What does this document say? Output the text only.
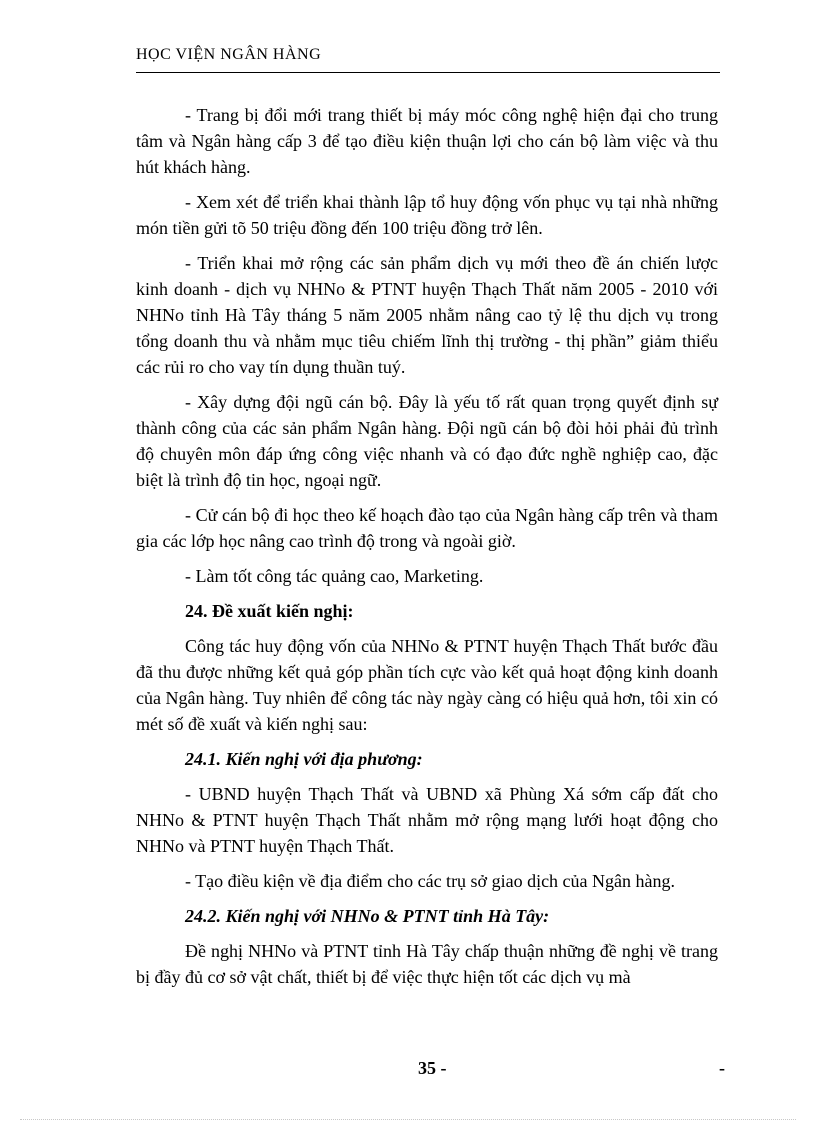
HỌC VIỆN NGÂN HÀNG

- Trang bị đổi mới trang thiết bị máy móc công nghệ hiện đại cho trung tâm và Ngân hàng cấp 3 để tạo điều kiện thuận lợi cho cán bộ làm việc và thu hút khách hàng.

- Xem xét để triển khai thành lập tổ huy động vốn phục vụ tại nhà những món tiền gửi tõ 50 triệu đồng đến 100 triệu đồng trở lên.

- Triển khai mở rộng các sản phẩm dịch vụ mới theo đề án chiến lược kinh doanh - dịch vụ NHNo & PTNT huyện Thạch Thất năm 2005 - 2010 với NHNo tỉnh Hà Tây tháng 5 năm 2005 nhằm nâng cao tỷ lệ thu dịch vụ trong tổng doanh thu và nhằm mục tiêu chiếm lĩnh thị trường - thị phần” giảm thiểu các rủi ro cho vay tín dụng thuần tuý.

- Xây dựng đội ngũ cán bộ. Đây là yếu tố rất quan trọng quyết định sự thành công của các sản phẩm Ngân hàng. Đội ngũ cán bộ đòi hỏi phải đủ trình độ chuyên môn đáp ứng công việc nhanh và có đạo đức nghề nghiệp cao, đặc biệt là trình độ tin học, ngoại ngữ.

- Cử cán bộ đi học theo kế hoạch đào tạo của Ngân hàng cấp trên và tham gia các lớp học nâng cao trình độ trong và ngoài giờ.

- Làm tốt công tác quảng cao, Marketing.

24. Đề xuất kiến nghị:

Công tác huy động vốn của NHNo & PTNT huyện Thạch Thất bước đầu đã thu được những kết quả góp phần tích cực vào kết quả hoạt động kinh doanh của Ngân hàng. Tuy nhiên để công tác này ngày càng có hiệu quả hơn, tôi xin có mét số đề xuất và kiến nghị sau:

24.1. Kiến nghị với địa phương:

- UBND huyện Thạch Thất và UBND xã Phùng Xá sớm cấp đất cho NHNo & PTNT huyện Thạch Thất nhằm mở rộng mạng lưới hoạt động cho NHNo và PTNT huyện Thạch Thất.

- Tạo điều kiện về địa điểm cho các trụ sở giao dịch của Ngân hàng.

24.2. Kiến nghị với NHNo & PTNT tỉnh Hà Tây:

Đề nghị NHNo và PTNT tỉnh Hà Tây chấp thuận những đề nghị về trang bị đầy đủ cơ sở vật chất, thiết bị để việc thực hiện tốt các dịch vụ mà

35 -	-
